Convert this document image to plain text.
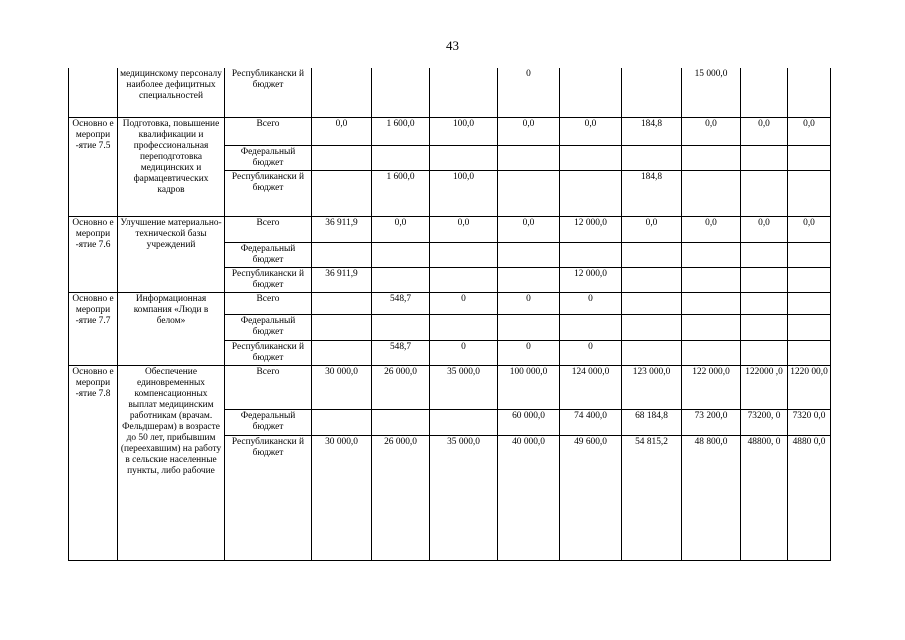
43
	медицинскому персоналу наиболее дефицитных специальностей	Республикански й бюджет				0			15 000,0		
Основно е меропри -ятие 7.5	Подготовка, повышение квалификации и профессиональная переподготовка медицинских и фармацевтических кадров	Всего	0,0	1 600,0	100,0	0,0	0,0	184,8	0,0	0,0	0,0
		Федеральный бюджет									
		Республикански й бюджет		1 600,0	100,0			184,8			
Основно е меропри -ятие 7.6	Улучшение материально-технической базы учреждений	Всего	36 911,9	0,0	0,0	0,0	12 000,0	0,0	0,0	0,0	0,0
		Федеральный бюджет									
		Республикански й бюджет	36 911,9				12 000,0				
Основно е меропри -ятие 7.7	Информационная компания «Люди в белом»	Всего		548,7	0	0	0				
		Федеральный бюджет									
		Республикански й бюджет		548,7	0	0	0				
Основно е меропри -ятие 7.8	Обеспечение единовременных компенсационных выплат медицинским работникам (врачам. Фельдшерам) в возрасте до 50 лет, прибывшим (переехавшим) на работу в сельские населенные пункты, либо рабочие	Всего	30 000,0	26 000,0	35 000,0	100 000,0	124 000,0	123 000,0	122 000,0	122000 ,0	1220 00,0
		Федеральный бюджет				60 000,0	74 400,0	68 184,8	73 200,0	73200, 0	7320 0,0
		Республикански й бюджет	30 000,0	26 000,0	35 000,0	40 000,0	49 600,0	54 815,2	48 800,0	48800, 0	4880 0,0
